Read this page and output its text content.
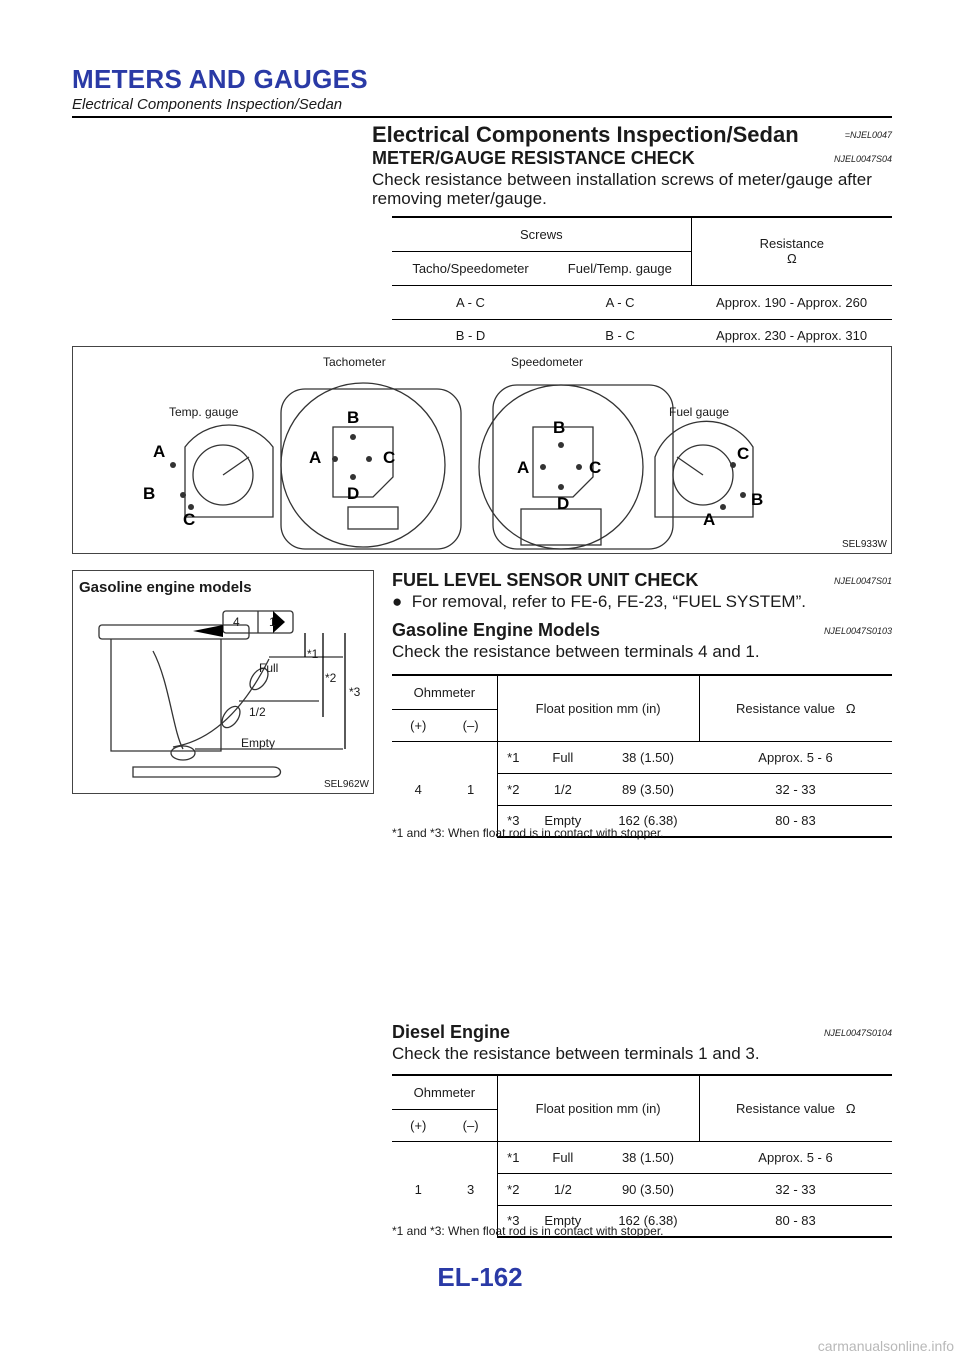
METERS AND GAUGES
Electrical Components Inspection/Sedan
Electrical Components Inspection/Sedan	=NJEL0047
METER/GAUGE RESISTANCE CHECK	NJEL0047S04
Check resistance between installation screws of meter/gauge after removing meter/gauge.
Screws		Resistance
Ω
Tacho/Speedometer	Fuel/Temp. gauge	
A - C	A - C	Approx. 190 - Approx. 260
B - D	B - C	Approx. 230 - Approx. 310
A
B
C
A
B
C
D
A
B
C
D
C
B
A
Tachometer	Speedometer
Temp. gauge	Fuel gauge
SEL933W
Gasoline engine models
4 1
Full
1/2
Empty
*1
*2
*3
SEL962W
FUEL LEVEL SENSOR UNIT CHECK	NJEL0047S01
● For removal, refer to FE-6, FE-23, “FUEL SYSTEM”.
Gasoline Engine Models	NJEL0047S0103
Check the resistance between terminals 4 and 1.
Ohmmeter		Float position mm (in)			Resistance value Ω
(+)	(–)				
4	1	*1	Full	38 (1.50)	Approx. 5 - 6
		*2	1/2	89 (3.50)	32 - 33
		*3	Empty	162 (6.38)	80 - 83
*1 and *3: When float rod is in contact with stopper.
Diesel Engine	NJEL0047S0104
Check the resistance between terminals 1 and 3.
Ohmmeter		Float position mm (in)			Resistance value Ω
(+)	(–)				
1	3	*1	Full	38 (1.50)	Approx. 5 - 6
		*2	1/2	90 (3.50)	32 - 33
		*3	Empty	162 (6.38)	80 - 83
*1 and *3: When float rod is in contact with stopper.
EL-162
carmanualsonline.info
